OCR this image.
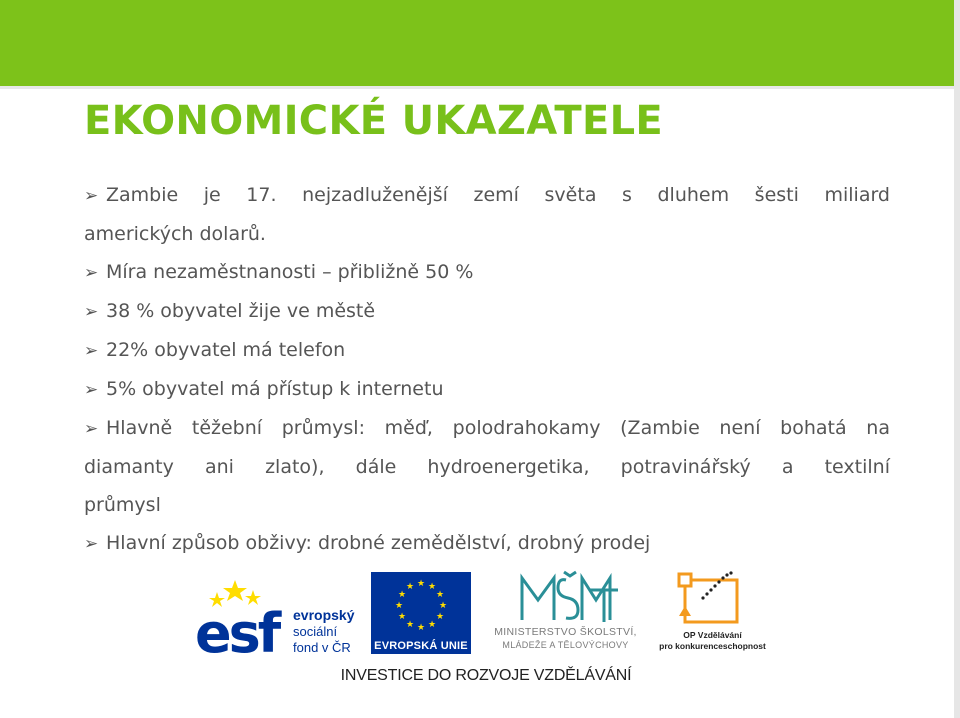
EKONOMICKÉ UKAZATELE
➢ Zambie je 17. nejzadluženější zemí světa s dluhem šesti miliard
amerických dolarů.
➢ Míra nezaměstnanosti – přibližně 50 %
➢ 38 % obyvatel žije ve městě
➢ 22% obyvatel má telefon
➢ 5% obyvatel má přístup k internetu
➢ Hlavně těžební průmysl: měď, polodrahokamy (Zambie není bohatá na
diamanty ani zlato), dále hydroenergetika, potravinářský a textilní
průmysl
➢ Hlavní způsob obživy: drobné zemědělství, drobný prodej
esf evropský
sociální
fond v ČR
★ ★
★
★
★
★
★
★
★
★
★
★
EVROPSKÁ UNIE
MINISTERSTVO ŠKOLSTVÍ,
MLÁDEŽE A TĚLOVÝCHOVY
OP Vzdělávání
pro konkurenceschopnost
INVESTICE DO ROZVOJE VZDĚLÁVÁNÍ
